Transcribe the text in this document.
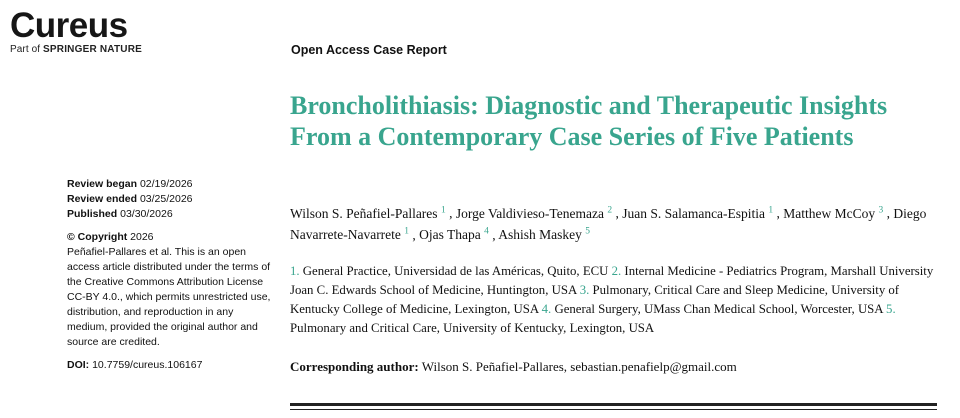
Cureus
Part of SPRINGER NATURE	Open Access Case Report
Broncholithiasis: Diagnostic and Therapeutic Insights From a Contemporary Case Series of Five Patients
Review began 02/19/2026
Review ended 03/25/2026
Published 03/30/2026
© Copyright 2026
Peñafiel-Pallares et al. This is an open access article distributed under the terms of the Creative Commons Attribution License CC-BY 4.0., which permits unrestricted use, distribution, and reproduction in any medium, provided the original author and source are credited.
DOI: 10.7759/cureus.106167
Wilson S. Peñafiel-Pallares $^1$ , Jorge Valdivieso-Tenemaza $^2$ , Juan S. Salamanca-Espitia $^1$ , Matthew McCoy $^3$ , Diego Navarrete-Navarrete $^1$ , Ojas Thapa $^4$ , Ashish Maskey $^5$
1. General Practice, Universidad de las Américas, Quito, ECU 2. Internal Medicine - Pediatrics Program, Marshall University Joan C. Edwards School of Medicine, Huntington, USA 3. Pulmonary, Critical Care and Sleep Medicine, University of Kentucky College of Medicine, Lexington, USA 4. General Surgery, UMass Chan Medical School, Worcester, USA 5. Pulmonary and Critical Care, University of Kentucky, Lexington, USA
Corresponding author: Wilson S. Peñafiel-Pallares, sebastian.penafielp@gmail.com
